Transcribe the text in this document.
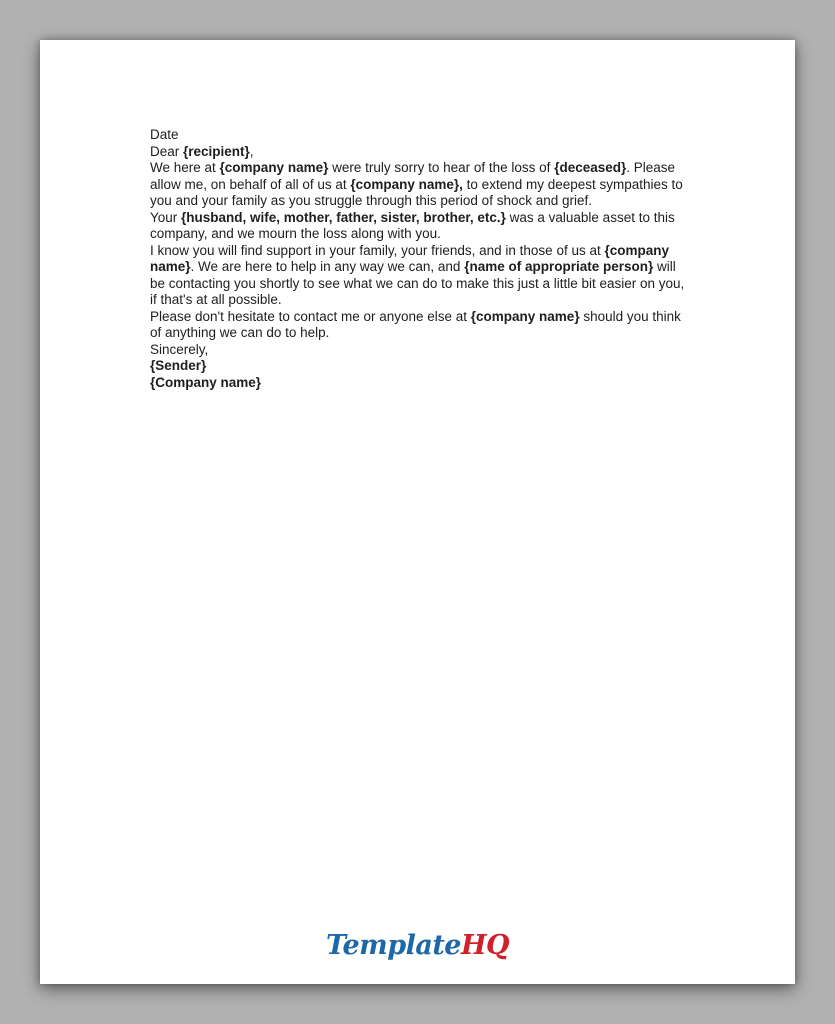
Date

Dear {recipient},

We here at {company name} were truly sorry to hear of the loss of {deceased}. Please allow me, on behalf of all of us at {company name}, to extend my deepest sympathies to you and your family as you struggle through this period of shock and grief.

Your {husband, wife, mother, father, sister, brother, etc.} was a valuable asset to this company, and we mourn the loss along with you.

I know you will find support in your family, your friends, and in those of us at {company name}. We are here to help in any way we can, and {name of appropriate person} will be contacting you shortly to see what we can do to make this just a little bit easier on you, if that's at all possible.

Please don't hesitate to contact me or anyone else at {company name} should you think of anything we can do to help.

Sincerely,

{Sender}

{Company name}

TemplateHQ
